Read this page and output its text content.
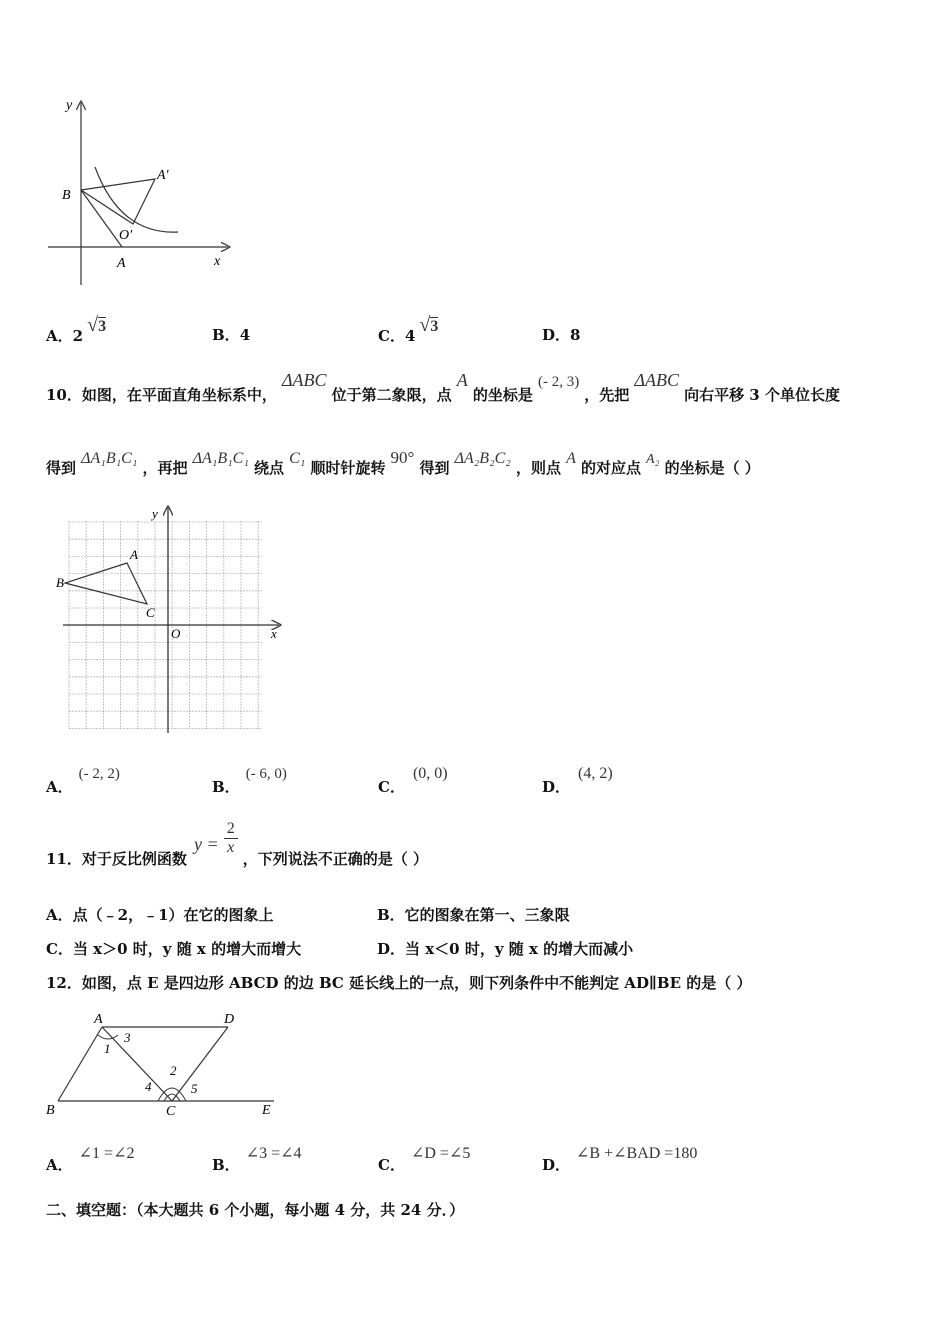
y
x
B
A
A′
O′
A．2 √3	B．4	C．4 √3	D．8
10．如图，在平面直角坐标系中， ΔABC 位于第二象限，点 A 的坐标是 (- 2, 3) ，先把 ΔABC 向右平移 3 个单位长度
得到 ΔA₁B₁C₁ ，再把 ΔA₁B₁C₁ 绕点 C₁ 顺时针旋转 90° 得到 ΔA₂B₂C₂ ，则点 A 的对应点 A₂ 的坐标是（ ）
y
x
O
A
B
C
A．(- 2, 2)
B．(- 6, 0)
C．(0, 0)
D．(4, 2)
11．对于反比例函数 $y = \frac{2}{x}$
，下列说法不正确的是（ ）
A．点（﹣2，﹣1）在它的图象上	B．它的图象在第一、三象限
C．当 x＞0 时，y 随 x 的增大而增大	D．当 x＜0 时，y 随 x 的增大而减小
12．如图，点 E 是四边形 ABCD 的边 BC 延长线上的一点，则下列条件中不能判定 AD∥BE 的是（ ）
A	D
B	C	E
1
3
2
4	5
A．∠1 =∠2
B．∠3 =∠4
C．∠D =∠5
D．∠B +∠BAD =180
二、填空题：（本大题共 6 个小题，每小题 4 分，共 24 分．）
